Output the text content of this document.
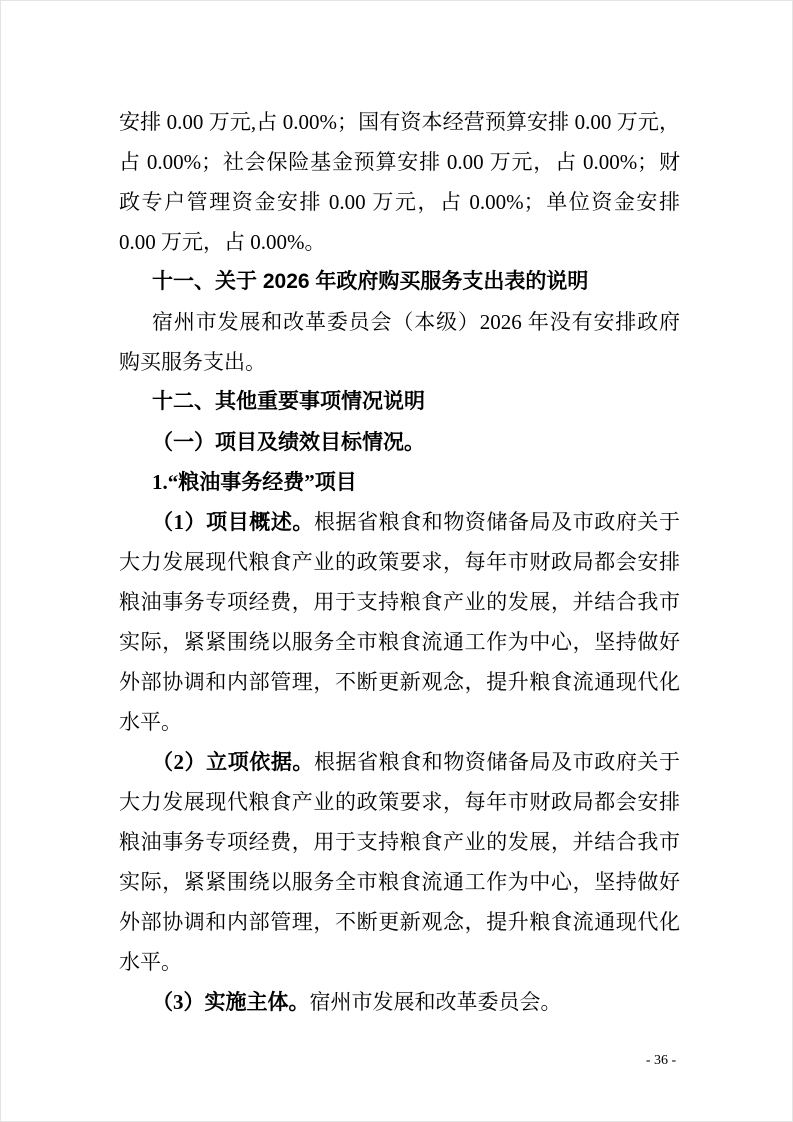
安排 0.00 万元,占 0.00%；国有资本经营预算安排 0.00 万元，占 0.00%；社会保险基金预算安排 0.00 万元，占 0.00%；财政专户管理资金安排 0.00 万元，占 0.00%；单位资金安排 0.00 万元，占 0.00%。

十一、关于 2026 年政府购买服务支出表的说明

宿州市发展和改革委员会（本级）2026 年没有安排政府购买服务支出。

十二、其他重要事项情况说明

（一）项目及绩效目标情况。

1.“粮油事务经费”项目

（1）项目概述。根据省粮食和物资储备局及市政府关于大力发展现代粮食产业的政策要求，每年市财政局都会安排粮油事务专项经费，用于支持粮食产业的发展，并结合我市实际，紧紧围绕以服务全市粮食流通工作为中心，坚持做好外部协调和内部管理，不断更新观念，提升粮食流通现代化水平。

（2）立项依据。根据省粮食和物资储备局及市政府关于大力发展现代粮食产业的政策要求，每年市财政局都会安排粮油事务专项经费，用于支持粮食产业的发展，并结合我市实际，紧紧围绕以服务全市粮食流通工作为中心，坚持做好外部协调和内部管理，不断更新观念，提升粮食流通现代化水平。

（3）实施主体。宿州市发展和改革委员会。

- 36 -
